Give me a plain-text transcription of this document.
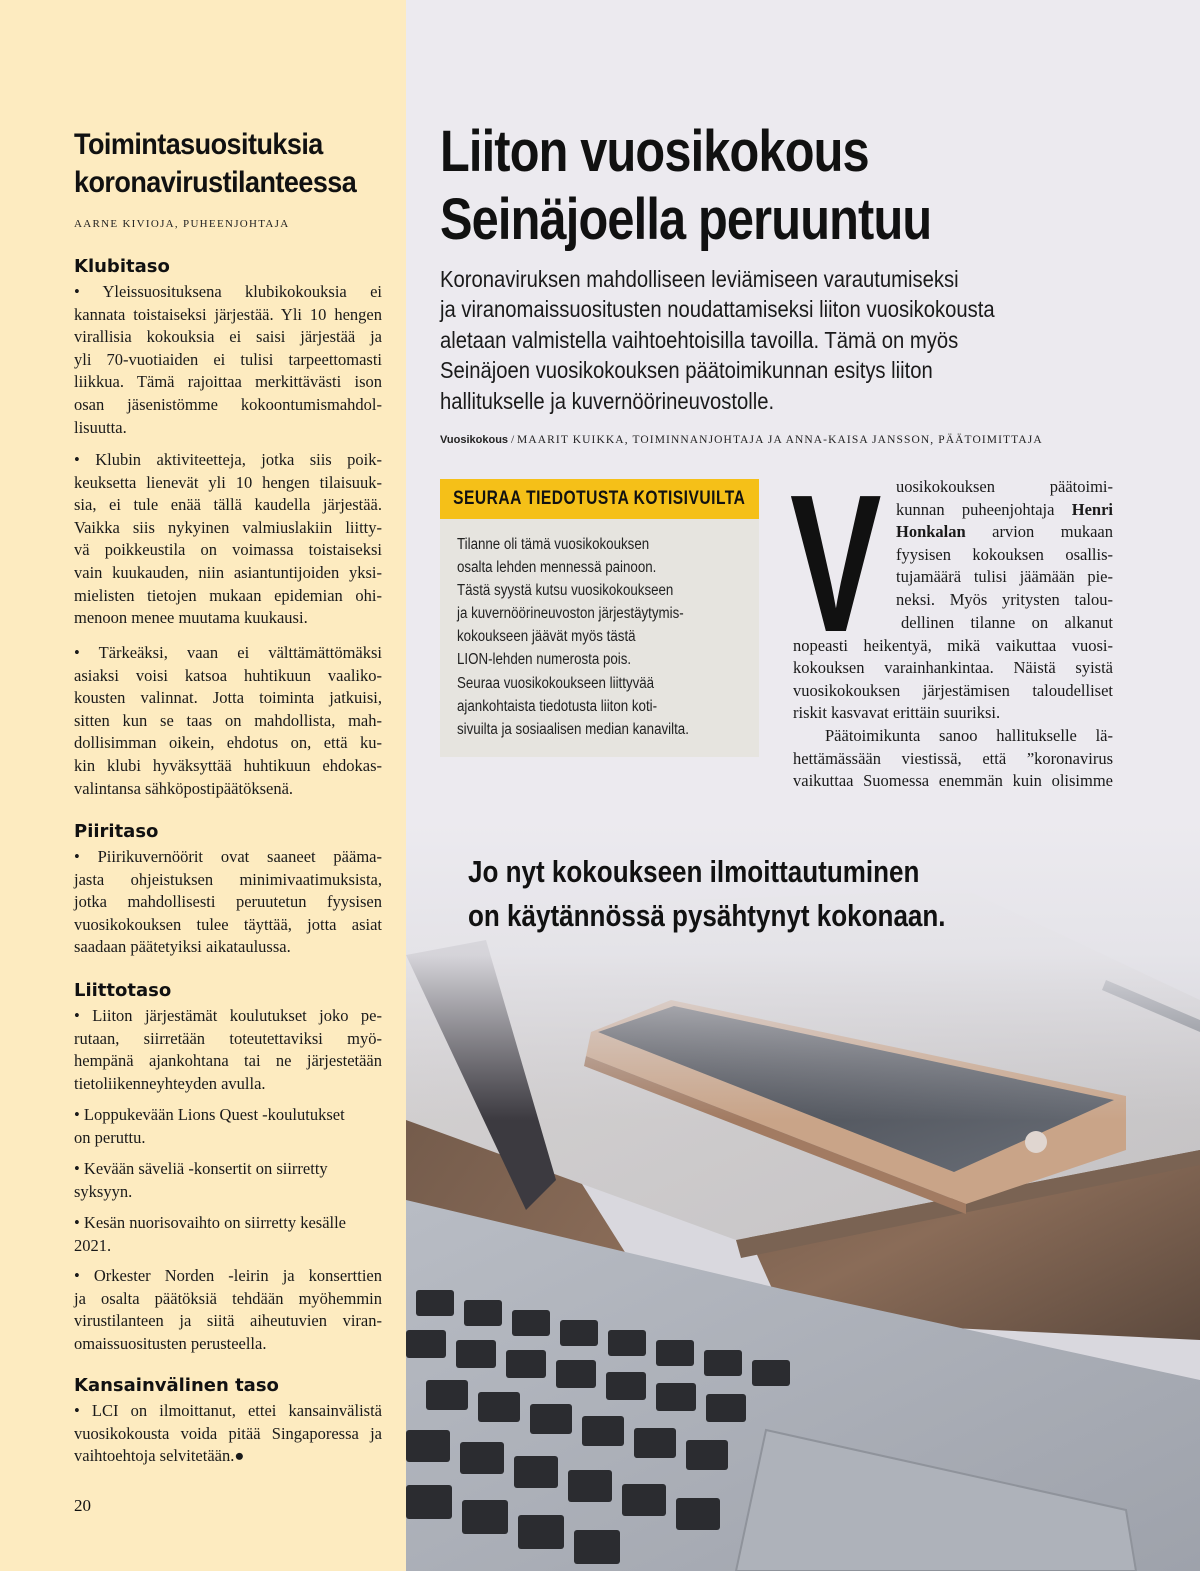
Toimintasuosituksia
koronavirustilanteessa
AARNE KIVIOJA, PUHEENJOHTAJA
Klubitaso

• Yleissuosituksena klubikokouksia ei
kannata toistaiseksi järjestää. Yli 10 hengen
virallisia kokouksia ei saisi järjestää ja
yli 70-vuotiaiden ei tulisi tarpeettomasti
liikkua. Tämä rajoittaa merkittävästi ison
osan jäsenistömme kokoontumismahdol-
lisuutta.

• Klubin aktiviteetteja, jotka siis poik-
keuksetta lienevät yli 10 hengen tilaisuuk-
sia, ei tule enää tällä kaudella järjestää.
Vaikka siis nykyinen valmiuslakiin liitty-
vä poikkeustila on voimassa toistaiseksi
vain kuukauden, niin asiantuntijoiden yksi-
mielisten tietojen mukaan epidemian ohi-
menoon menee muutama kuukausi.

• Tärkeäksi, vaan ei välttämättömäksi
asiaksi voisi katsoa huhtikuun vaaliko-
kousten valinnat. Jotta toiminta jatkuisi,
sitten kun se taas on mahdollista, mah-
dollisimman oikein, ehdotus on, että ku-
kin klubi hyväksyttää huhtikuun ehdokas-
valintansa sähköpostipäätöksenä.

Piiritaso

• Piirikuvernöörit ovat saaneet pääma-
jasta ohjeistuksen minimivaatimuksista,
jotka mahdollisesti peruutetun fyysisen
vuosikokouksen tulee täyttää, jotta asiat
saadaan päätetyiksi aikataulussa.

Liittotaso

• Liiton järjestämät koulutukset joko pe-
rutaan, siirretään toteutettaviksi myö-
hempänä ajankohtana tai ne järjestetään
tietoliikenneyhteyden avulla.

• Loppukevään Lions Quest -koulutukset
on peruttu.

• Kevään säveliä -konsertit on siirretty
syksyyn.

• Kesän nuorisovaihto on siirretty kesälle
2021.

• Orkester Norden -leirin ja konserttien
ja osalta päätöksiä tehdään myöhemmin
virustilanteen ja siitä aiheutuvien viran-
omaissuositusten perusteella.

Kansainvälinen taso

• LCI on ilmoittanut, ettei kansainvälistä
vuosikokousta voida pitää Singaporessa ja
vaihtoehtoja selvitetään.●

20
Liiton vuosikokous
Seinäjoella peruuntuu

Koronaviruksen mahdolliseen leviämiseen varautumiseksi
ja viranomaissuositusten noudattamiseksi liiton vuosikokousta
aletaan valmistella vaihtoehtoisilla tavoilla. Tämä on myös
Seinäjoen vuosikokouksen päätoimikunnan esitys liiton
hallitukselle ja kuvernöörineuvostolle.

Vuosikokous / MAARIT KUIKKA, TOIMINNANJOHTAJA JA ANNA-KAISA JANSSON, PÄÄTOIMITTAJA
SEURAA TIEDOTUSTA KOTISIVUILTA

Tilanne oli tämä vuosikokouksen
osalta lehden mennessä painoon.
Tästä syystä kutsu vuosikokoukseen
ja kuvernöörineuvoston järjestäytymis-
kokoukseen jäävät myös tästä
LION-lehden numerosta pois.

Seuraa vuosikokoukseen liittyvää
ajankohtaista tiedotusta liiton koti-
sivuilta ja sosiaalisen median kanavilta.

V uosikokouksen päätoimi-
kunnan puheenjohtaja Henri
Honkalan arvion mukaan
fyysisen kokouksen osallis-
tujamäärä tulisi jäämään pie-
neksi. Myös yritysten talou-

dellinen tilanne on alkanut
nopeasti heikentyä, mikä vaikuttaa vuosi-
kokouksen varainhankintaa. Näistä syistä
vuosikokouksen järjestämisen taloudelliset
riskit kasvavat erittäin suuriksi.
Päätoimikunta sanoo hallitukselle lä-
hettämässään viestissä, että ”koronavirus
vaikuttaa Suomessa enemmän kuin olisimme

Jo nyt kokoukseen ilmoittautuminen
on käytännössä pysähtynyt kokonaan.
